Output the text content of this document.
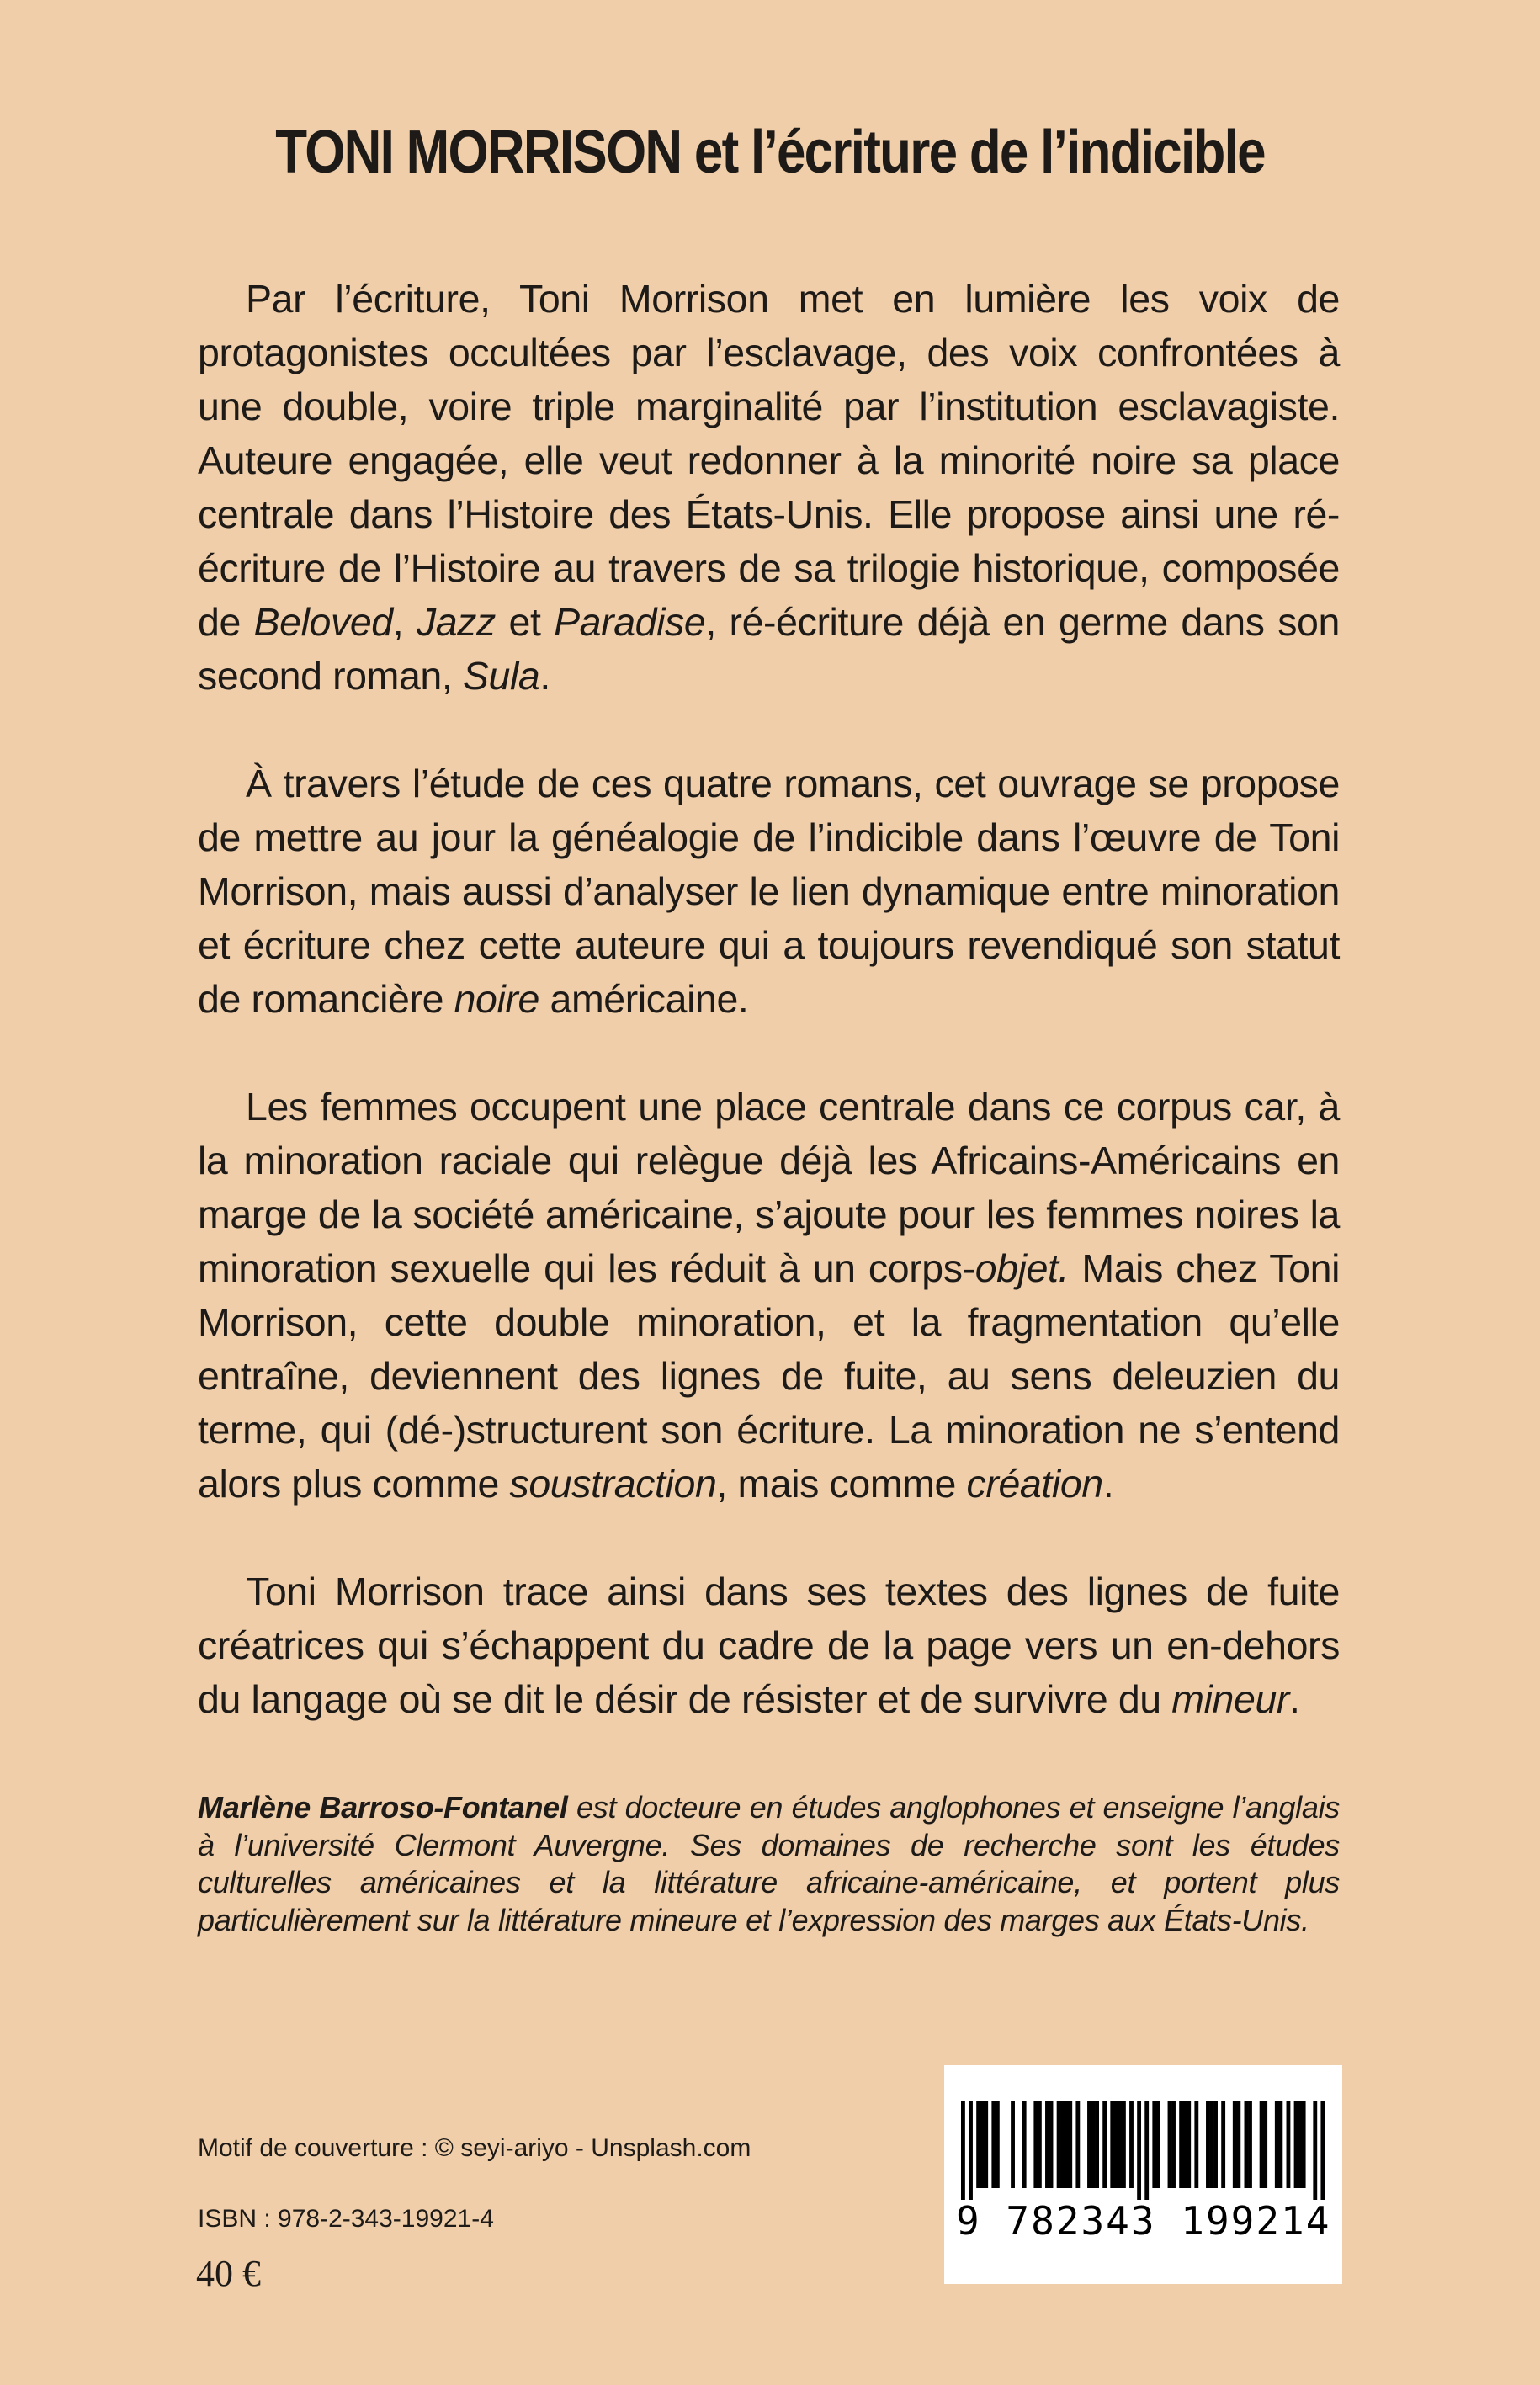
TONI MORRISON et l’écriture de l’indicible

Par l’écriture, Toni Morrison met en lumière les voix de protagonistes occultées par l’esclavage, des voix confrontées à une double, voire triple marginalité par l’institution esclavagiste. Auteure engagée, elle veut redonner à la minorité noire sa place centrale dans l’Histoire des États-Unis. Elle propose ainsi une ré-écriture de l’Histoire au travers de sa trilogie historique, composée de Beloved, Jazz et Paradise, ré-écriture déjà en germe dans son second roman, Sula.

À travers l’étude de ces quatre romans, cet ouvrage se propose de mettre au jour la généalogie de l’indicible dans l’œuvre de Toni Morrison, mais aussi d’analyser le lien dynamique entre minoration et écriture chez cette auteure qui a toujours revendiqué son statut de romancière noire américaine.

Les femmes occupent une place centrale dans ce corpus car, à la minoration raciale qui relègue déjà les Africains-Américains en marge de la société américaine, s’ajoute pour les femmes noires la minoration sexuelle qui les réduit à un corps-objet. Mais chez Toni Morrison, cette double minoration, et la fragmentation qu’elle entraîne, deviennent des lignes de fuite, au sens deleuzien du terme, qui (dé-)structurent son écriture. La minoration ne s’entend alors plus comme soustraction, mais comme création.

Toni Morrison trace ainsi dans ses textes des lignes de fuite créatrices qui s’échappent du cadre de la page vers un en-dehors du langage où se dit le désir de résister et de survivre du mineur.

Marlène Barroso-Fontanel est docteure en études anglophones et enseigne l’anglais à l’université Clermont Auvergne. Ses domaines de recherche sont les études culturelles américaines et la littérature africaine-américaine, et portent plus particulièrement sur la littérature mineure et l’expression des marges aux États-Unis.

Motif de couverture : © seyi-ariyo - Unsplash.com

ISBN : 978-2-343-19921-4

40 €

9 782343 199214
